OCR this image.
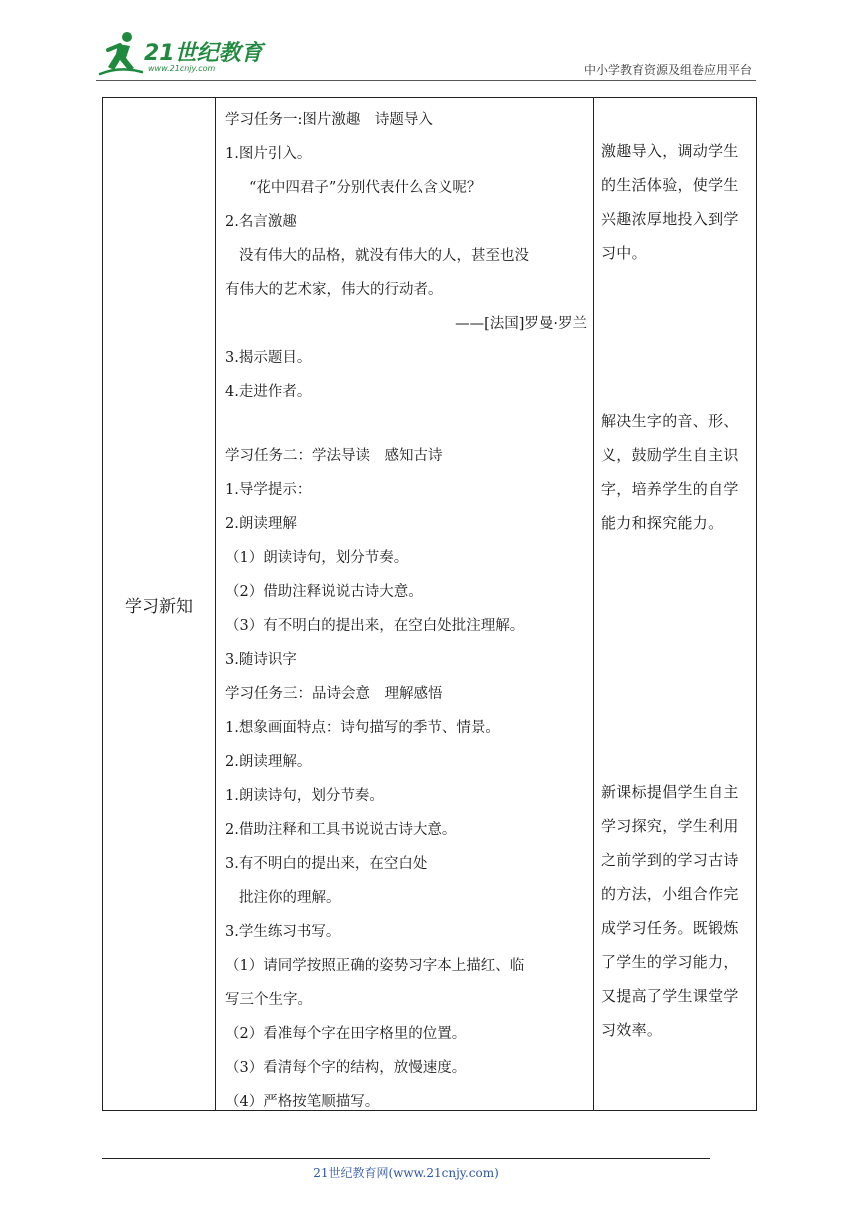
21世纪教育
www.21cnjy.com	中小学教育资源及组卷应用平台
学习新知
学习任务一:图片激趣　诗题导入
1.图片引入。
“花中四君子”分别代表什么含义呢？
2.名言激趣
没有伟大的品格，就没有伟大的人，甚至也没
有伟大的艺术家，伟大的行动者。
——[法国]罗曼·罗兰
3.揭示题目。
4.走进作者。
学习任务二：学法导读　感知古诗
1.导学提示：
2.朗读理解
（1）朗读诗句，划分节奏。
（2）借助注释说说古诗大意。
（3）有不明白的提出来，在空白处批注理解。
3.随诗识字
学习任务三：品诗会意　理解感悟
1.想象画面特点：诗句描写的季节、情景。
2.朗读理解。
1.朗读诗句，划分节奏。
2.借助注释和工具书说说古诗大意。
3.有不明白的提出来，在空白处
批注你的理解。
3.学生练习书写。
（1）请同学按照正确的姿势习字本上描红、临
写三个生字。
（2）看准每个字在田字格里的位置。
（3）看清每个字的结构，放慢速度。
（4）严格按笔顺描写。
激趣导入，调动学生的生活体验，使学生兴趣浓厚地投入到学习中。
解决生字的音、形、义，鼓励学生自主识字，培养学生的自学能力和探究能力。
新课标提倡学生自主学习探究，学生利用之前学到的学习古诗的方法，小组合作完成学习任务。既锻炼了学生的学习能力，又提高了学生课堂学习效率。
21世纪教育网(www.21cnjy.com)
